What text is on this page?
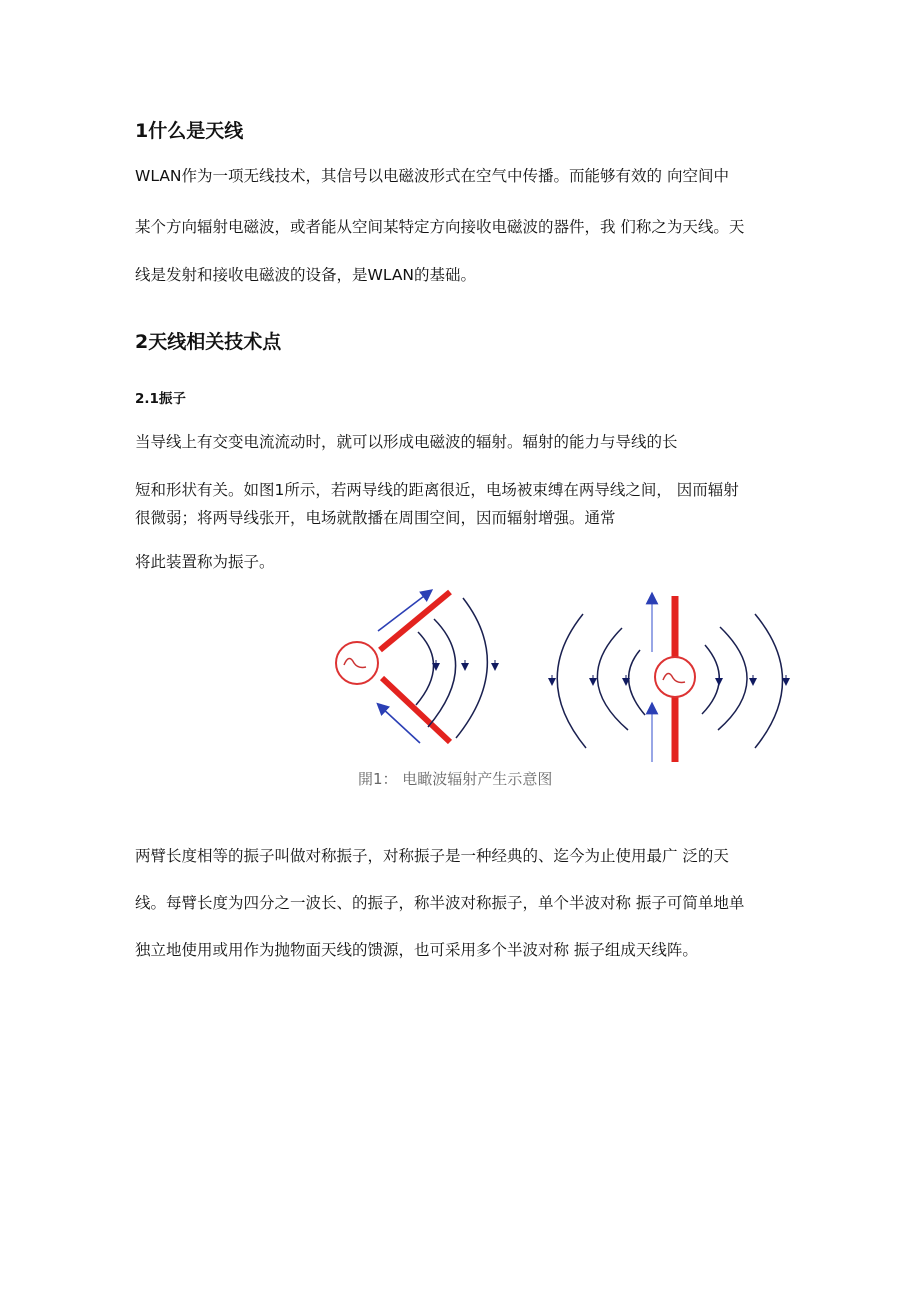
1什么是天线
WLAN作为一项无线技术，其信号以电磁波形式在空气中传播。而能够有效的 向空间中
某个方向辐射电磁波，或者能从空间某特定方向接收电磁波的器件，我 们称之为天线。天
线是发射和接收电磁波的设备，是WLAN的基础。
2天线相关技术点
2.1振子
当导线上有交变电流流动时，就可以形成电磁波的辐射。辐射的能力与导线的长
短和形状有关。如图1所示，若两导线的距离很近，电场被束缚在两导线之间， 因而辐射
很微弱；将两导线张开，电场就散播在周围空间，因而辐射增强。通常
将此装置称为振子。
開1： 电瞰波辐射产生示意图
两臂长度相等的振子叫做对称振子，对称振子是一种经典的、迄今为止使用最广 泛的天
线。每臂长度为四分之一波长、的振子，称半波对称振子，单个半波对称 振子可简单地单
独立地使用或用作为抛物面天线的馈源，也可采用多个半波对称 振子组成天线阵。
